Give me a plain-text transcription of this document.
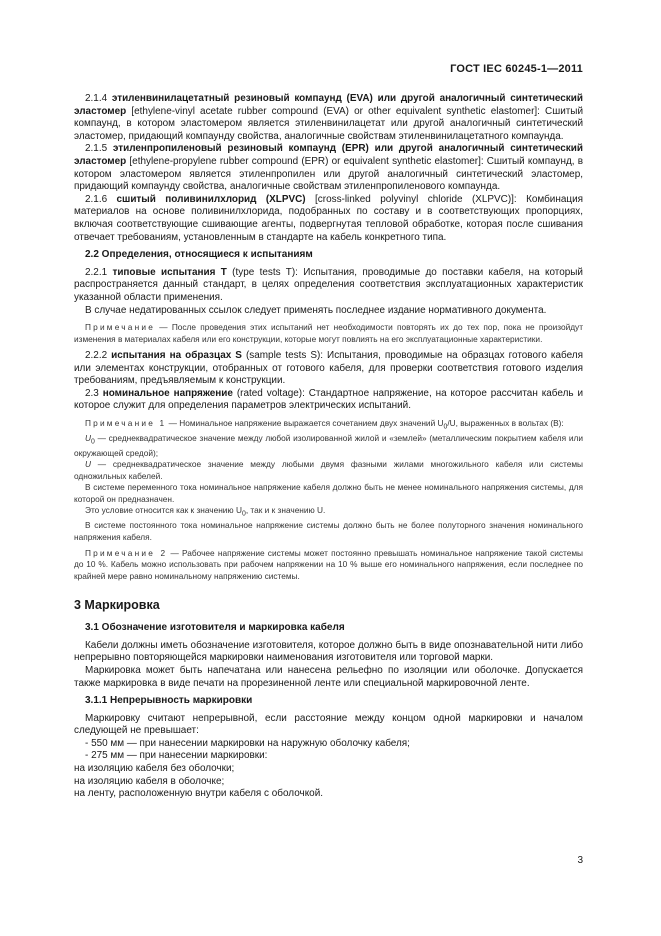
ГОСТ IEC 60245-1—2011

2.1.4 этиленвинилацетатный резиновый компаунд (EVA) или другой аналогичный синтетический эластомер [ethylene-vinyl acetate rubber compound (EVA) or other equivalent synthetic elastomer]: Сшитый компаунд, в котором эластомером является этиленвинилацетат или другой аналогичный синтетический эластомер, придающий компаунду свойства, аналогичные свойствам этиленвинилацетатного компаунда.

2.1.5 этиленпропиленовый резиновый компаунд (EPR) или другой аналогичный синтетический эластомер [ethylene-propylene rubber compound (EPR) or equivalent synthetic elastomer]: Сшитый компаунд, в котором эластомером является этиленпропилен или другой аналогичный синтетический эластомер, придающий компаунду свойства, аналогичные свойствам этиленпропиленового компаунда.

2.1.6 сшитый поливинилхлорид (XLPVC) [cross-linked polyvinyl chloride (XLPVC)]: Комбинация материалов на основе поливинилхлорида, подобранных по составу и в соответствующих пропорциях, включая соответствующие сшивающие агенты, подвергнутая тепловой обработке, которая после сшивания отвечает требованиям, установленным в стандарте на кабель конкретного типа.

2.2 Определения, относящиеся к испытаниям

2.2.1 типовые испытания Т (type tests T): Испытания, проводимые до поставки кабеля, на который распространяется данный стандарт, в целях определения соответствия эксплуатационных характеристик указанной области применения.

В случае недатированных ссылок следует применять последнее издание нормативного документа.

Примечание — После проведения этих испытаний нет необходимости повторять их до тех пор, пока не произойдут изменения в материалах кабеля или его конструкции, которые могут повлиять на его эксплуатационные характеристики.

2.2.2 испытания на образцах S (sample tests S): Испытания, проводимые на образцах готового кабеля или элементах конструкции, отобранных от готового кабеля, для проверки соответствия готового изделия требованиям, предъявляемым к конструкции.

2.3 номинальное напряжение (rated voltage): Стандартное напряжение, на которое рассчитан кабель и которое служит для определения параметров электрических испытаний.

Примечание 1 — Номинальное напряжение выражается сочетанием двух значений $U_0/U$, выраженных в вольтах (В):

$U_0$ — среднеквадратическое значение между любой изолированной жилой и «землей» (металлическим покрытием кабеля или окружающей средой);

U — среднеквадратическое значение между любыми двумя фазными жилами многожильного кабеля или системы одножильных кабелей.

В системе переменного тока номинальное напряжение кабеля должно быть не менее номинального напряжения системы, для которой он предназначен.

Это условие относится как к значению $U_0$, так и к значению U.

В системе постоянного тока номинальное напряжение системы должно быть не более полуторного значения номинального напряжения кабеля.

Примечание 2 — Рабочее напряжение системы может постоянно превышать номинальное напряжение такой системы до 10 %. Кабель можно использовать при рабочем напряжении на 10 % выше его номинального напряжения, если последнее по крайней мере равно номинальному напряжению системы.

3 Маркировка

3.1 Обозначение изготовителя и маркировка кабеля

Кабели должны иметь обозначение изготовителя, которое должно быть в виде опознавательной нити либо непрерывно повторяющейся маркировки наименования изготовителя или торговой марки.

Маркировка может быть напечатана или нанесена рельефно по изоляции или оболочке. Допускается также маркировка в виде печати на прорезиненной ленте или специальной маркировочной ленте.

3.1.1 Непрерывность маркировки

Маркировку считают непрерывной, если расстояние между концом одной маркировки и началом следующей не превышает:

- 550 мм — при нанесении маркировки на наружную оболочку кабеля;
- 275 мм — при нанесении маркировки:
на изоляцию кабеля без оболочки;
на изоляцию кабеля в оболочке;
на ленту, расположенную внутри кабеля с оболочкой.
3
